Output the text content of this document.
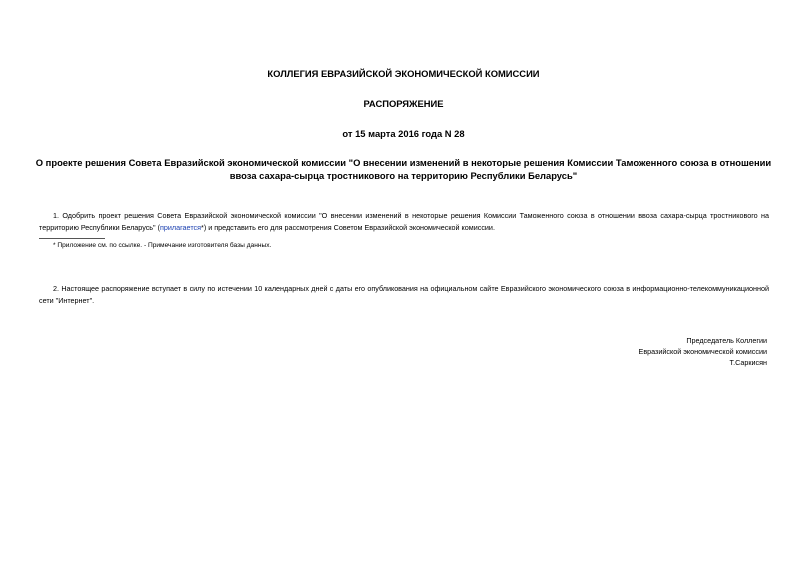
КОЛЛЕГИЯ ЕВРАЗИЙСКОЙ ЭКОНОМИЧЕСКОЙ КОМИССИИ
РАСПОРЯЖЕНИЕ
от 15 марта 2016 года N 28
О проекте решения Совета Евразийской экономической комиссии "О внесении изменений в некоторые решения Комиссии Таможенного союза в отношении ввоза сахара-сырца тростникового на территорию Республики Беларусь"

1. Одобрить проект решения Совета Евразийской экономической комиссии "О внесении изменений в некоторые решения Комиссии Таможенного союза в отношении ввоза сахара-сырца тростникового на территорию Республики Беларусь" (прилагается*) и представить его для рассмотрения Советом Евразийской экономической комиссии.

* Приложение см. по ссылке. - Примечание изготовителя базы данных.

2. Настоящее распоряжение вступает в силу по истечении 10 календарных дней с даты его опубликования на официальном сайте Евразийского экономического союза в информационно-телекоммуникационной сети "Интернет".

Председатель Коллегии
Евразийской экономической комиссии
Т.Саркисян
